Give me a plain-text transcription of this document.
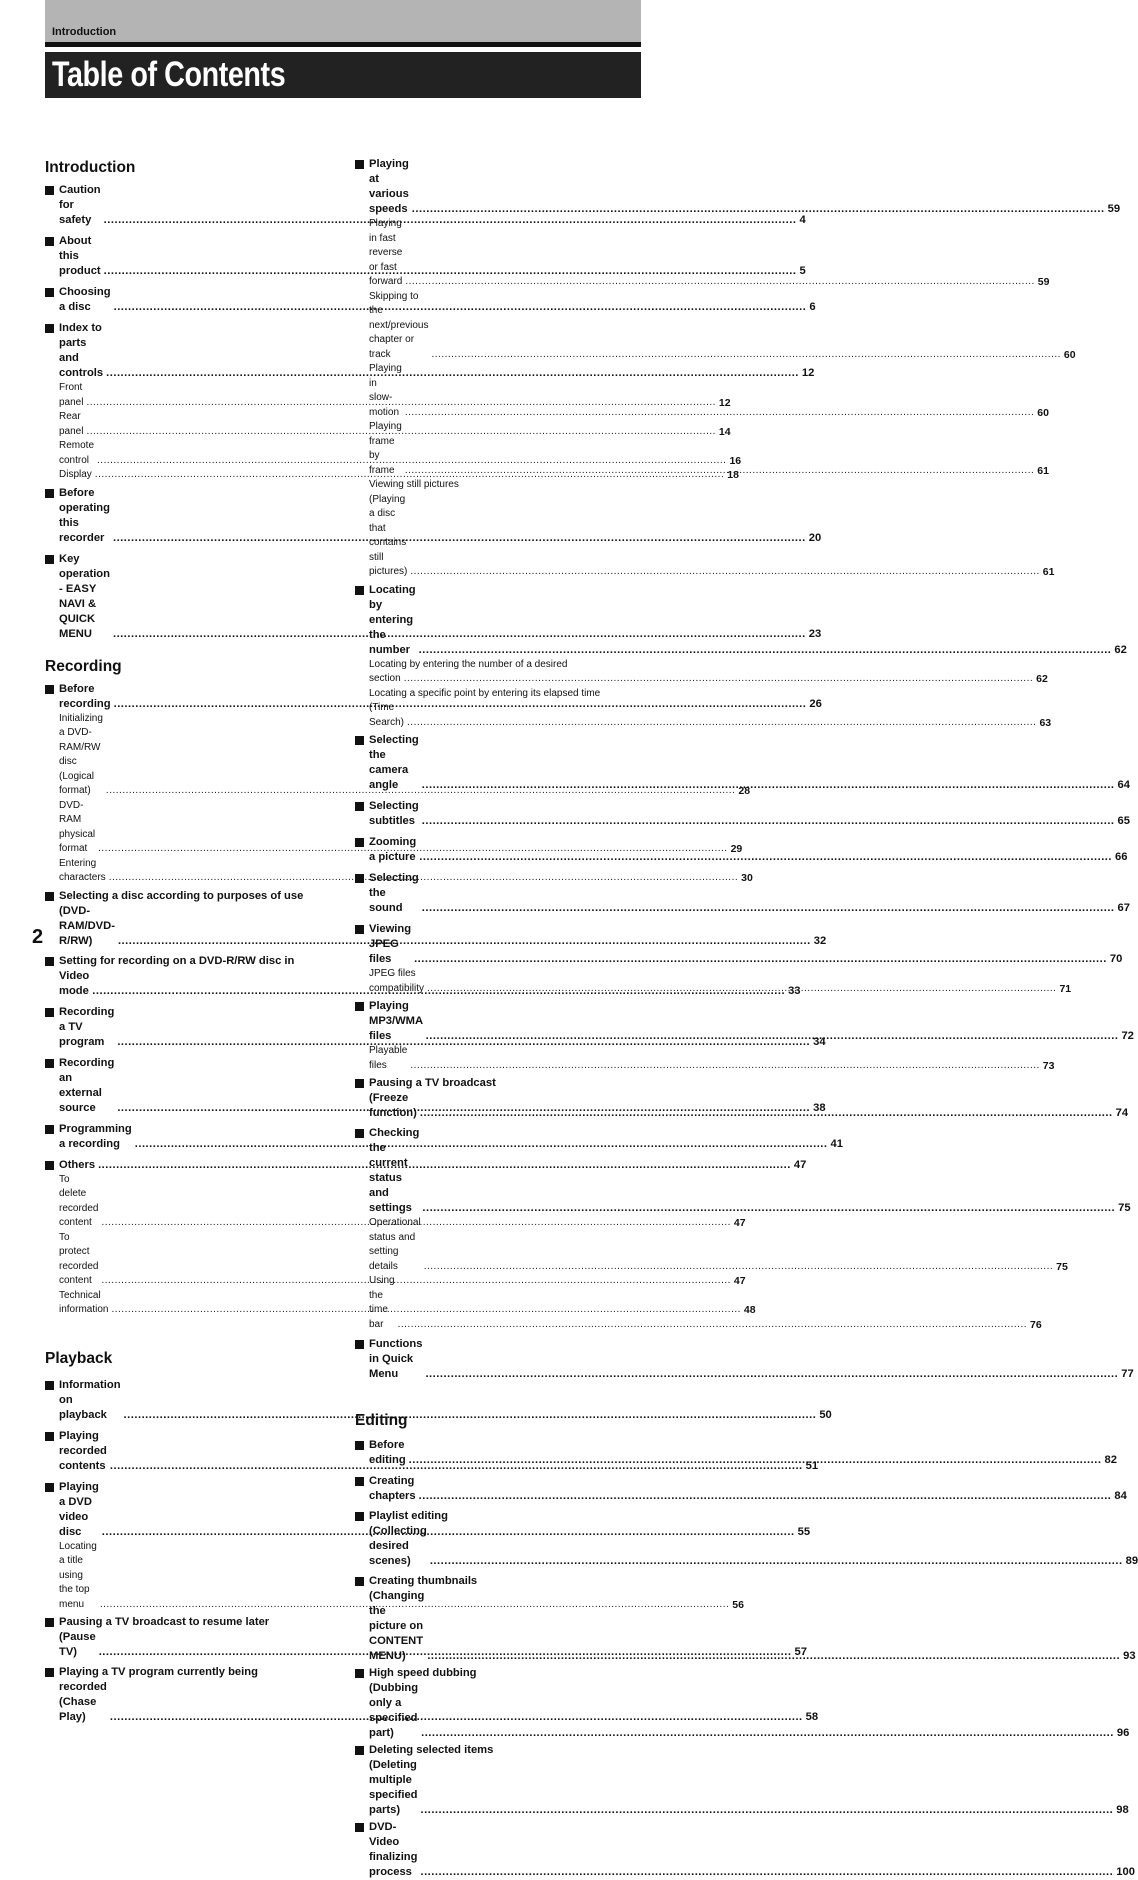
Introduction
Table of Contents
Introduction
Caution for safety .....	4
About this product .....	5
Choosing a disc .....	6
Index to parts and controls .....	12
Front panel .....	12
Rear panel .....	14
Remote control .....	16
Display .....	18
Before operating this recorder .....	20
Key operation - EASY NAVI & QUICK MENU .....	23
Recording
Before recording .....	26
Initializing a DVD-RAM/RW disc (Logical format) .....	28
DVD-RAM physical format .....	29
Entering characters .....	30
Selecting a disc according to purposes of use
(DVD-RAM/DVD-R/RW) .....	32
Setting for recording on a DVD-R/RW disc in
Video mode .....	33
Recording a TV program .....	34
Recording an external source .....	38
Programming a recording .....	41
Others .....	47
To delete recorded content .....	47
To protect recorded content .....	47
Technical information .....	48
Playback
Information on playback .....	50
Playing recorded contents .....	51
Playing a DVD video disc .....	55
Locating a title using the top menu .....	56
Pausing a TV broadcast to resume later
(Pause TV) .....	57
Playing a TV program currently being
recorded (Chase Play) .....	58
Playing at various speeds .....	59
Playing in fast reverse or fast forward .....	59
Skipping to the next/previous chapter or track .....	60
Playing in slow-motion .....	60
Playing frame by frame .....	61
Viewing still pictures
(Playing a disc that contains still pictures) .....	61
Locating by entering the number .....	62
Locating by entering the number of a desired
section .....	62
Locating a specific point by entering its elapsed time
(Time Search) .....	63
Selecting the camera angle .....	64
Selecting subtitles .....	65
Zooming a picture .....	66
Selecting the sound .....	67
Viewing JPEG files .....	70
JPEG files compatibility .....	71
Playing MP3/WMA files .....	72
Playable files .....	73
Pausing a TV broadcast
(Freeze function) .....	74
Checking the current status and settings .....	75
Operational status and setting details .....	75
Using the time bar .....	76
Functions in Quick Menu .....	77
Editing
Before editing .....	82
Creating chapters .....	84
Playlist editing
(Collecting desired scenes) .....	89
Creating thumbnails
(Changing the picture on CONTENT MENU) .....	93
High speed dubbing
(Dubbing only a specified part) .....	96
Deleting selected items
(Deleting multiple specified parts) .....	98
DVD-Video finalizing process .....	100
2
